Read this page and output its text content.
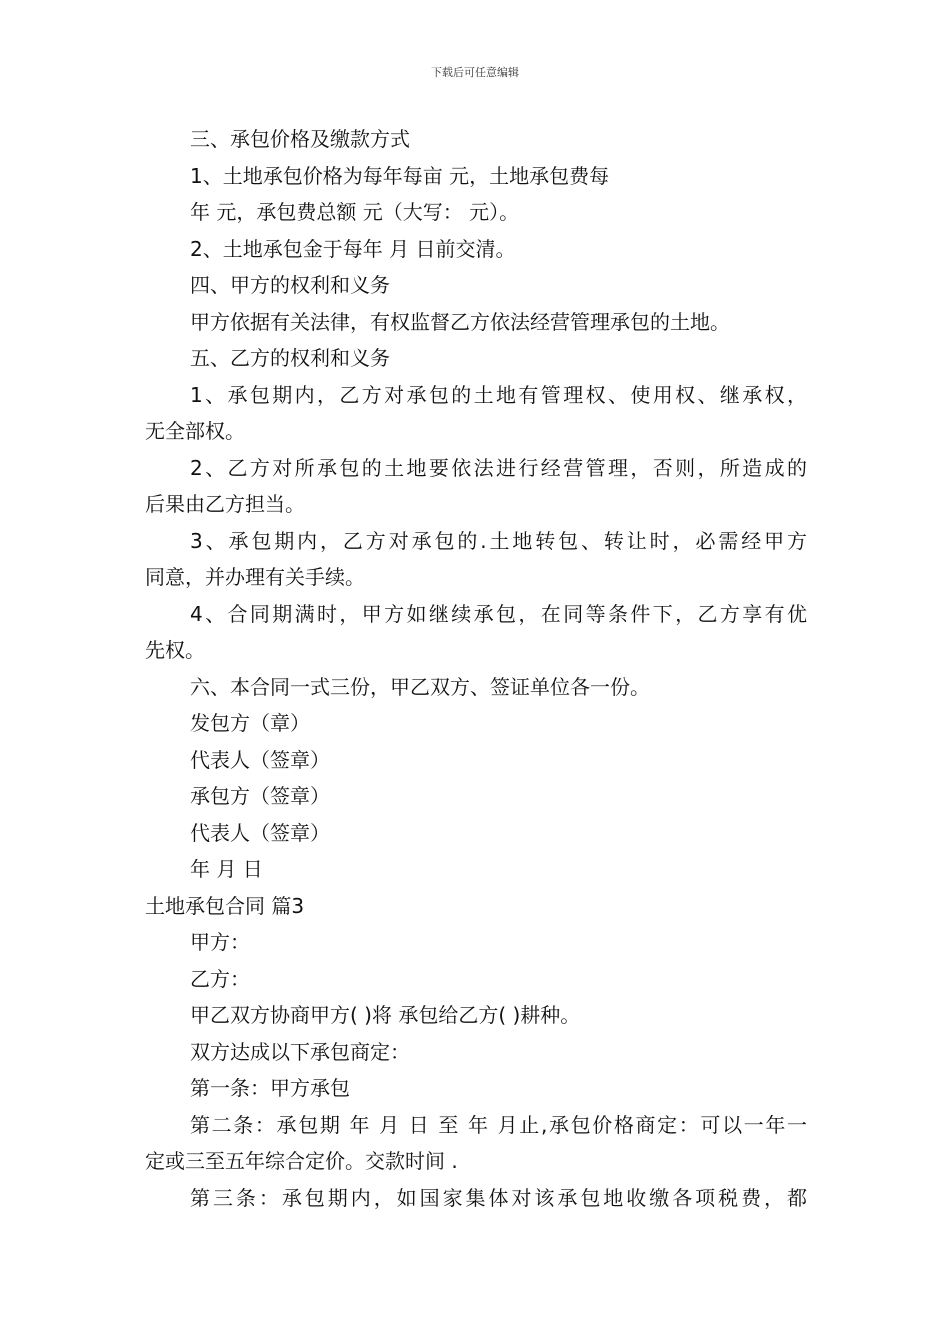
下载后可任意编辑
三、承包价格及缴款方式
1、土地承包价格为每年每亩 元，土地承包费每
年 元，承包费总额 元（大写： 元）。
2、土地承包金于每年 月 日前交清。
四、甲方的权利和义务
甲方依据有关法律，有权监督乙方依法经营管理承包的土地。
五、乙方的权利和义务
1、承包期内，乙方对承包的土地有管理权、使用权、继承权，
无全部权。
2、乙方对所承包的土地要依法进行经营管理，否则，所造成的
后果由乙方担当。
3、承包期内，乙方对承包的.土地转包、转让时，必需经甲方
同意，并办理有关手续。
4、合同期满时，甲方如继续承包，在同等条件下，乙方享有优
先权。
六、本合同一式三份，甲乙双方、签证单位各一份。
发包方（章）
代表人（签章）
承包方（签章）
代表人（签章）
年 月 日
土地承包合同 篇3
甲方：
乙方：
甲乙双方协商甲方( )将 承包给乙方( )耕种。
双方达成以下承包商定：
第一条：甲方承包
第二条：承包期 年 月 日 至 年 月止,承包价格商定：可以一年一
定或三至五年综合定价。交款时间 .
第三条：承包期内，如国家集体对该承包地收缴各项税费，都
